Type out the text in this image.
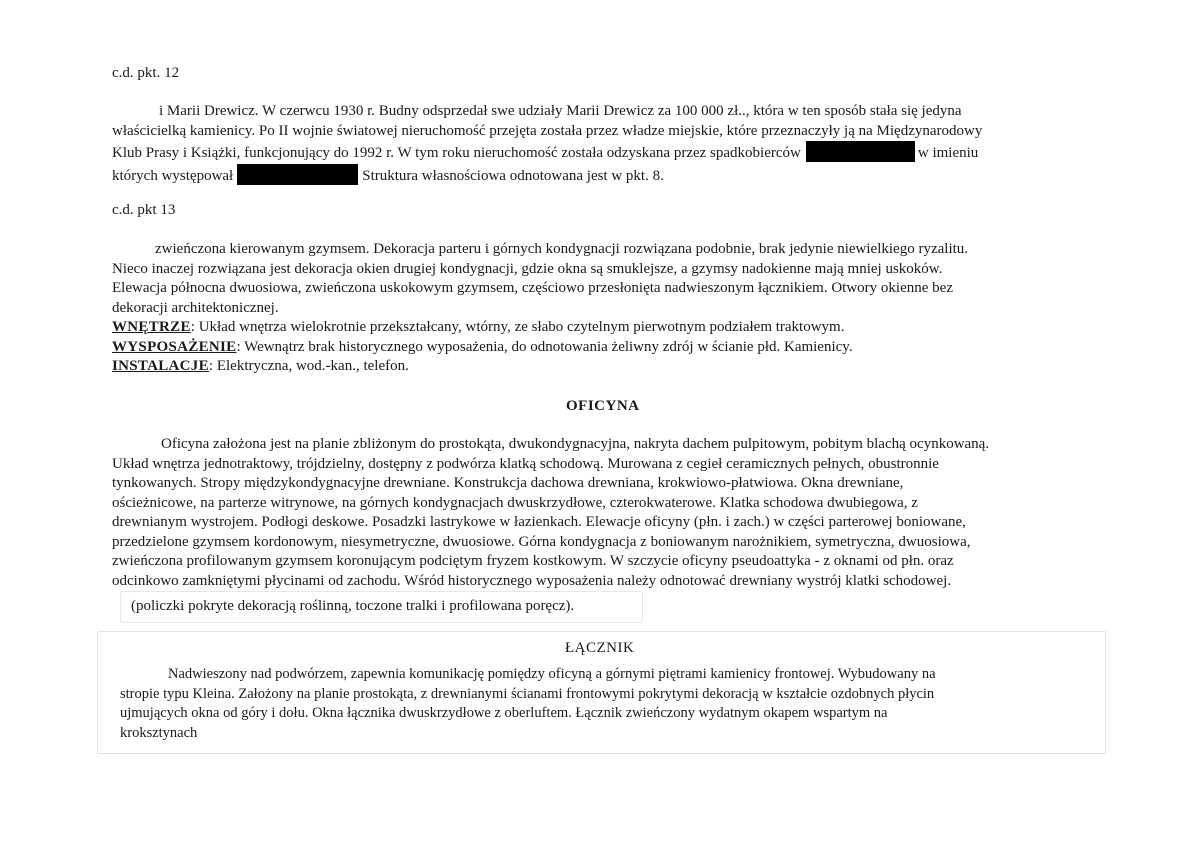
c.d. pkt. 12
i Marii Drewicz. W czerwcu 1930 r. Budny odsprzedał swe udziały Marii Drewicz za 100 000 zł.., która w ten sposób stała się jedyna
właścicielką kamienicy. Po II wojnie światowej nieruchomość przejęta została przez władze miejskie, które przeznaczyły ją na Międzynarodowy
Klub Prasy i Książki, funkcjonujący do 1992 r. W tym roku nieruchomość została odzyskana przez spadkobierców	w imieniu
których występował	Struktura własnościowa odnotowana jest w pkt. 8.
c.d. pkt 13
zwieńczona kierowanym gzymsem. Dekoracja parteru i górnych kondygnacji rozwiązana podobnie, brak jedynie niewielkiego ryzalitu.
Nieco inaczej rozwiązana jest dekoracja okien drugiej kondygnacji, gdzie okna są smuklejsze, a gzymsy nadokienne mają mniej uskoków.
Elewacja północna dwuosiowa, zwieńczona uskokowym gzymsem, częściowo przesłonięta nadwieszonym łącznikiem. Otwory okienne bez
dekoracji architektonicznej.
WNĘTRZE: Układ wnętrza wielokrotnie przekształcany, wtórny, ze słabo czytelnym pierwotnym podziałem traktowym.
WYSPOSAŻENIE: Wewnątrz brak historycznego wyposażenia, do odnotowania żeliwny zdrój w ścianie płd. Kamienicy.
INSTALACJE: Elektryczna, wod.-kan., telefon.
OFICYNA
Oficyna założona jest na planie zbliżonym do prostokąta, dwukondygnacyjna, nakryta dachem pulpitowym, pobitym blachą ocynkowaną.
Układ wnętrza jednotraktowy, trójdzielny, dostępny z podwórza klatką schodową. Murowana z cegieł ceramicznych pełnych, obustronnie
tynkowanych. Stropy międzykondygnacyjne drewniane. Konstrukcja dachowa drewniana, krokwiowo-płatwiowa. Okna drewniane,
ościeżnicowe, na parterze witrynowe, na górnych kondygnacjach dwuskrzydłowe, czterokwaterowe. Klatka schodowa dwubiegowa, z
drewnianym wystrojem. Podłogi deskowe. Posadzki lastrykowe w łazienkach. Elewacje oficyny (płn. i zach.) w części parterowej boniowane,
przedzielone gzymsem kordonowym, niesymetryczne, dwuosiowe. Górna kondygnacja z boniowanym narożnikiem, symetryczna, dwuosiowa,
zwieńczona profilowanym gzymsem koronującym podciętym fryzem kostkowym. W szczycie oficyny pseudoattyka - z oknami od płn. oraz
odcinkowo zamkniętymi płycinami od zachodu. Wśród historycznego wyposażenia należy odnotować drewniany wystrój klatki schodowej.
(policzki pokryte dekoracją roślinną, toczone tralki i profilowana poręcz).
ŁĄCZNIK
Nadwieszony nad podwórzem, zapewnia komunikację pomiędzy oficyną a górnymi piętrami kamienicy frontowej. Wybudowany na
stropie typu Kleina. Założony na planie prostokąta, z drewnianymi ścianami frontowymi pokrytymi dekoracją w kształcie ozdobnych płycin
ujmujących okna od góry i dołu. Okna łącznika dwuskrzydłowe z oberluftem. Łącznik zwieńczony wydatnym okapem wspartym na
kroksztynach
